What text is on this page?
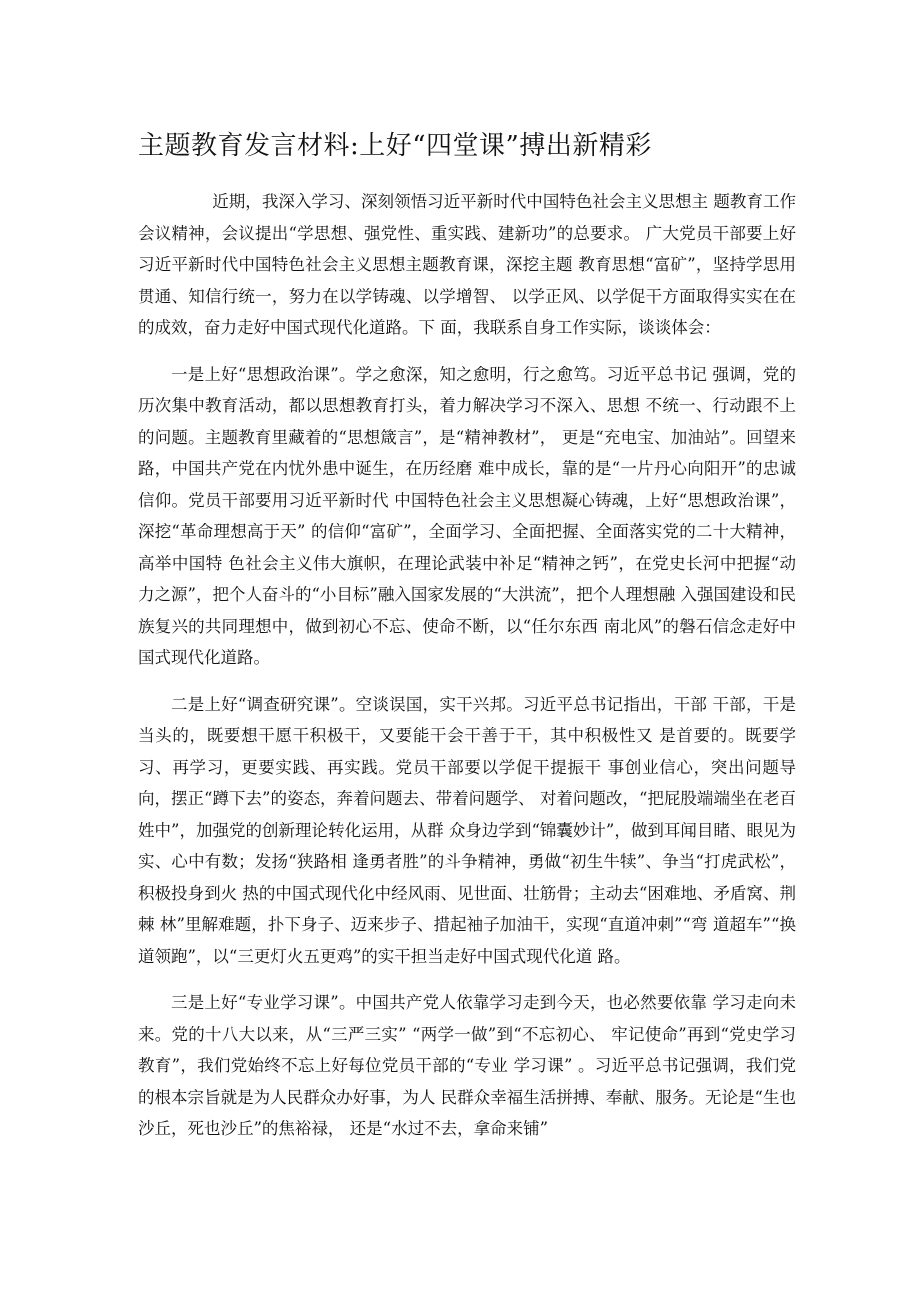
主题教育发言材料:上好“四堂课”搏出新精彩

近期，我深入学习、深刻领悟习近平新时代中国特色社会主义思想主 题教育工作会议精神，会议提出“学思想、强党性、重实践、建新功”的总要求。 广大党员干部要上好习近平新时代中国特色社会主义思想主题教育课，深挖主题 教育思想“富矿”，坚持学思用贯通、知信行统一，努力在以学铸魂、以学增智、 以学正风、以学促干方面取得实实在在的成效，奋力走好中国式现代化道路。下 面，我联系自身工作实际，谈谈体会：

一是上好“思想政治课”。学之愈深，知之愈明，行之愈笃。习近平总书记 强调，党的历次集中教育活动，都以思想教育打头，着力解决学习不深入、思想 不统一、行动跟不上的问题。主题教育里藏着的“思想箴言”，是“精神教材”， 更是“充电宝、加油站”。回望来路，中国共产党在内忧外患中诞生，在历经磨 难中成长，靠的是“一片丹心向阳开”的忠诚信仰。党员干部要用习近平新时代 中国特色社会主义思想凝心铸魂，上好“思想政治课”，深挖“革命理想高于天” 的信仰“富矿”，全面学习、全面把握、全面落实党的二十大精神，高举中国特 色社会主义伟大旗帜，在理论武装中补足“精神之钙”，在党史长河中把握“动 力之源”，把个人奋斗的“小目标”融入国家发展的“大洪流”，把个人理想融 入强国建设和民族复兴的共同理想中，做到初心不忘、使命不断，以“任尔东西 南北风”的磐石信念走好中国式现代化道路。

二是上好“调查研究课”。空谈误国，实干兴邦。习近平总书记指出，干部 干部，干是当头的，既要想干愿干积极干，又要能干会干善于干，其中积极性又 是首要的。既要学习、再学习，更要实践、再实践。党员干部要以学促干提振干 事创业信心，突出问题导向，摆正“蹲下去”的姿态，奔着问题去、带着问题学、 对着问题改，“把屁股端端坐在老百姓中”，加强党的创新理论转化运用，从群 众身边学到“锦囊妙计”，做到耳闻目睹、眼见为实、心中有数；发扬“狭路相 逢勇者胜”的斗争精神，勇做“初生牛犊”、争当“打虎武松”，积极投身到火 热的中国式现代化中经风雨、见世面、壮筋骨；主动去“困难地、矛盾窝、荆棘 林”里解难题，扑下身子、迈来步子、措起袖子加油干，实现“直道冲刺”“弯 道超车”“换道领跑”，以“三更灯火五更鸡”的实干担当走好中国式现代化道 路。

三是上好“专业学习课”。中国共产党人依靠学习走到今天，也必然要依靠 学习走向未来。党的十八大以来，从“三严三实” “两学一做”到“不忘初心、 牢记使命”再到“党史学习教育”，我们党始终不忘上好每位党员干部的“专业 学习课” 。习近平总书记强调，我们党的根本宗旨就是为人民群众办好事，为人 民群众幸福生活拼搏、奉献、服务。无论是“生也沙丘，死也沙丘”的焦裕禄， 还是“水过不去，拿命来铺”
